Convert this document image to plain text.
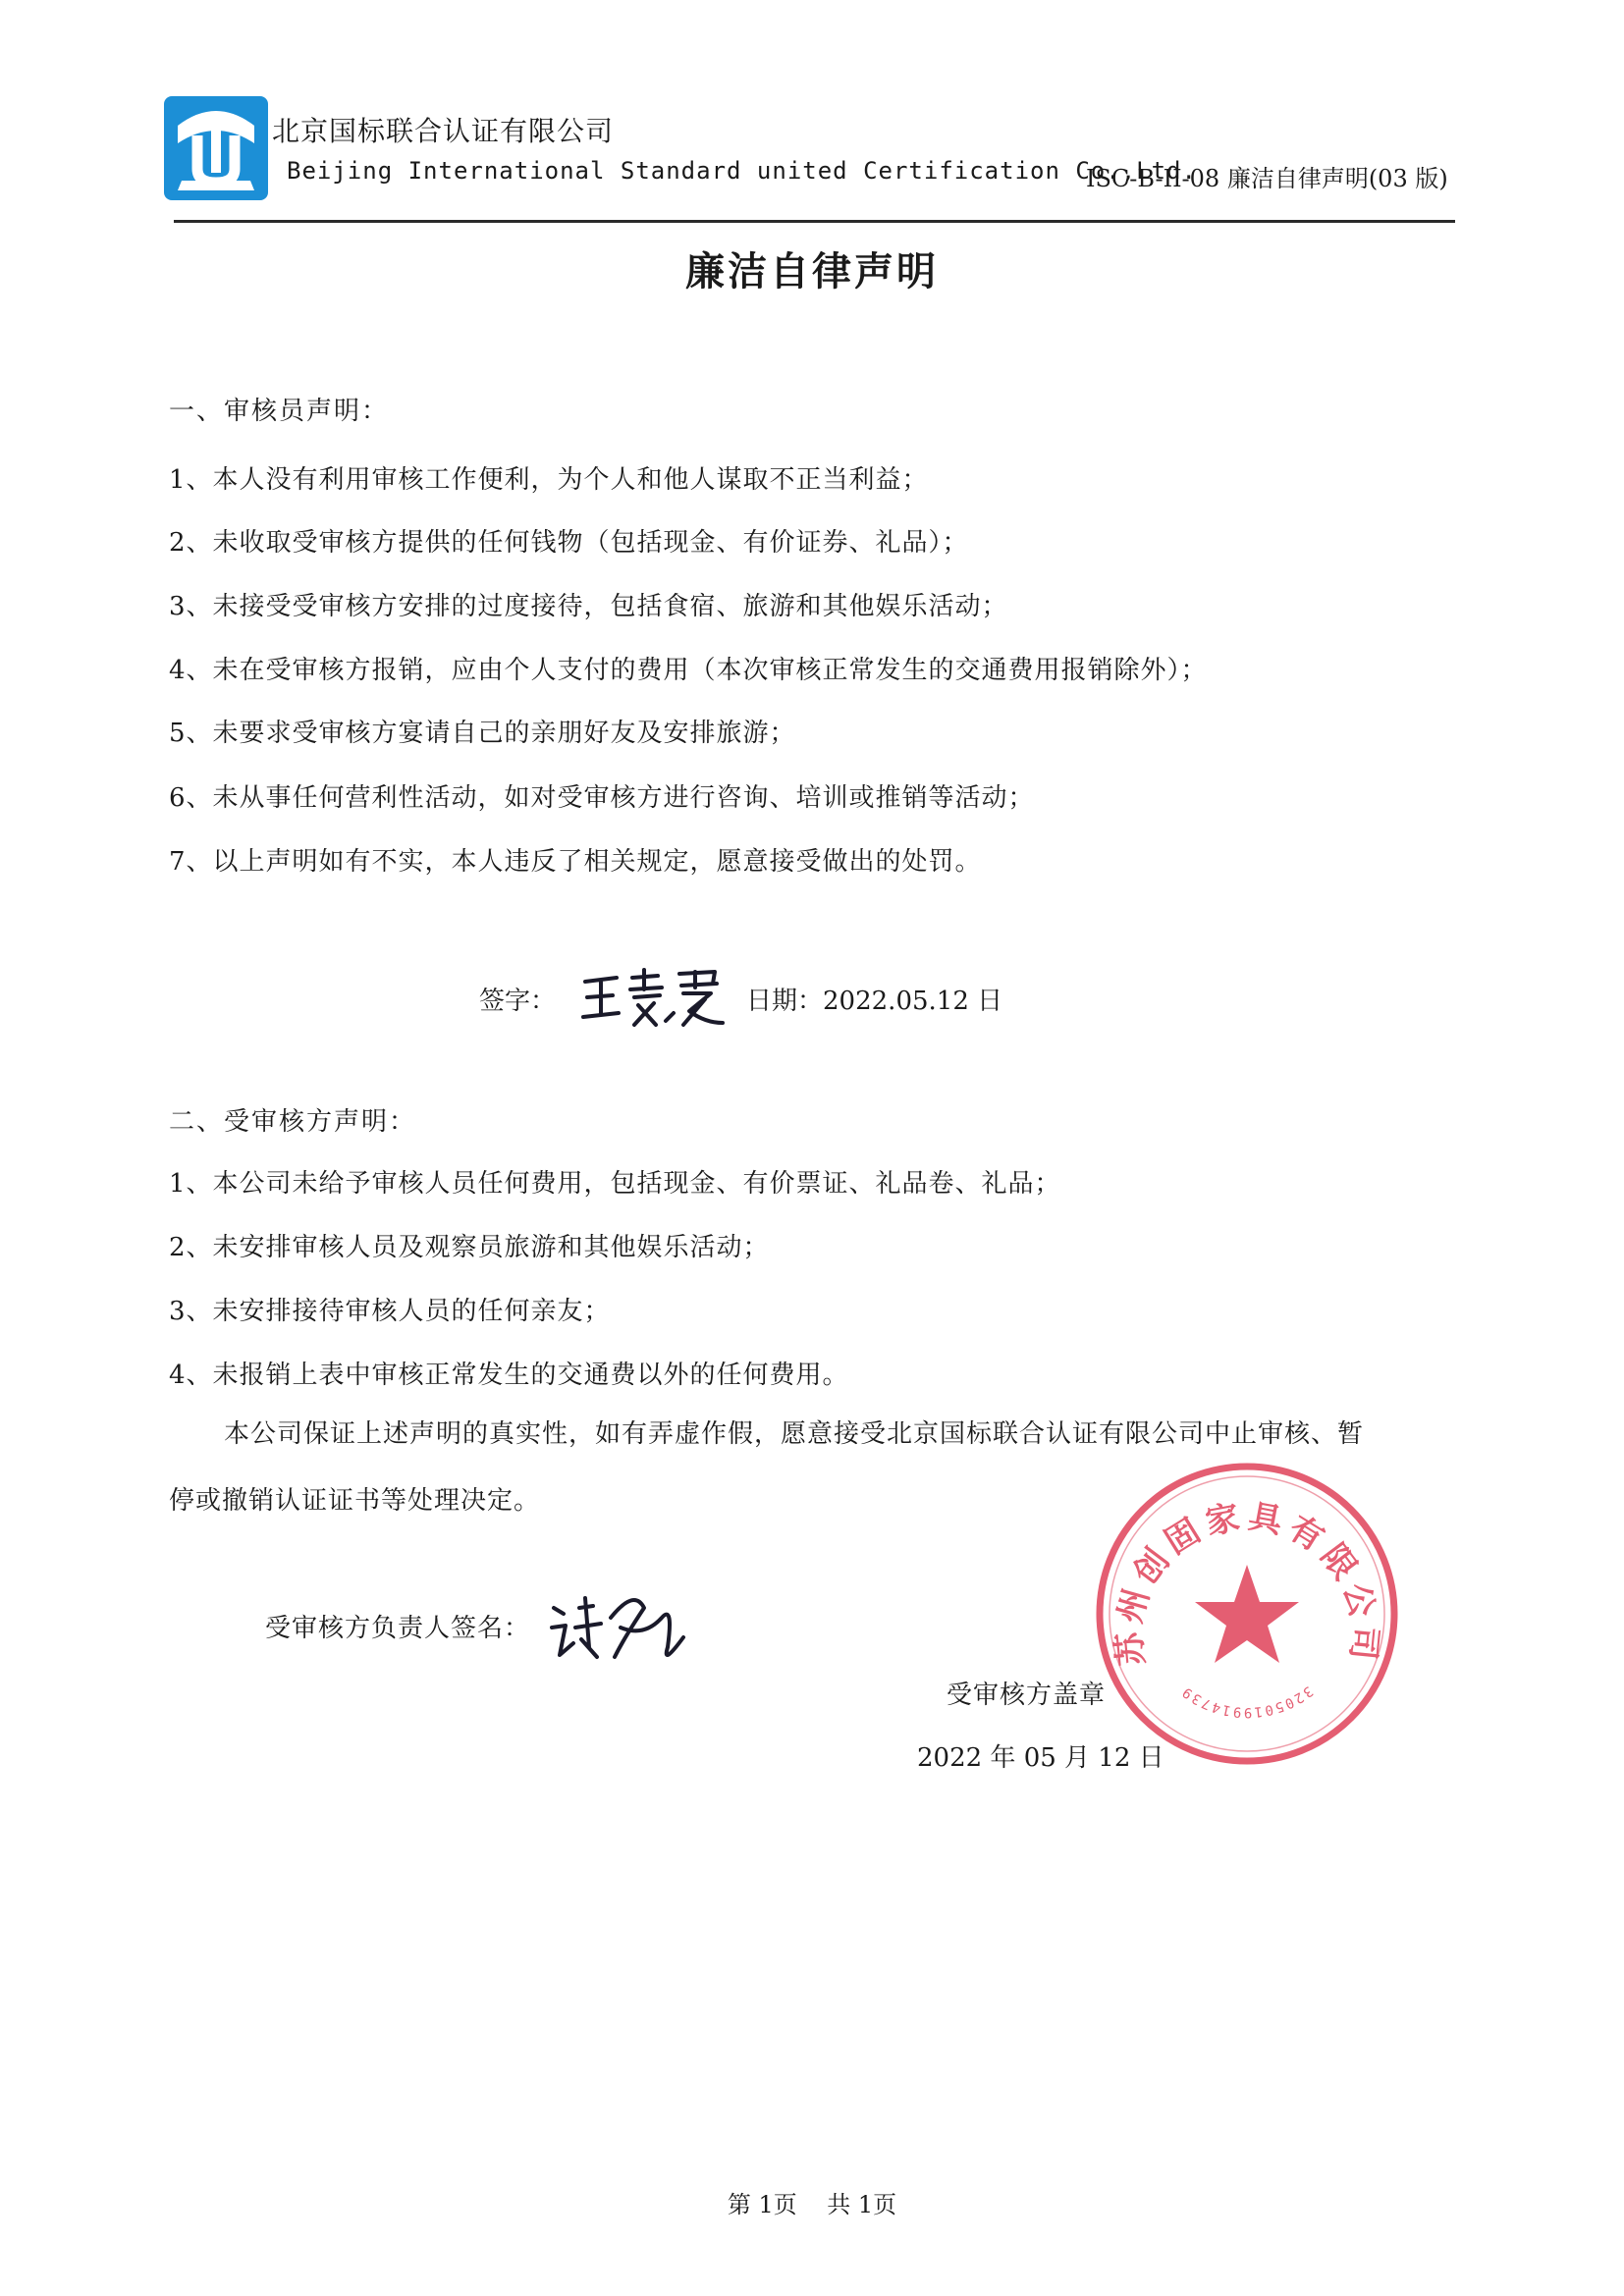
北京国标联合认证有限公司
Beijing International Standard united Certification Co.,Ltd.
ISC-B-II-08 廉洁自律声明(03 版)
廉洁自律声明
一、审核员声明：
1、本人没有利用审核工作便利，为个人和他人谋取不正当利益；
2、未收取受审核方提供的任何钱物（包括现金、有价证券、礼品）；
3、未接受受审核方安排的过度接待，包括食宿、旅游和其他娱乐活动；
4、未在受审核方报销，应由个人支付的费用（本次审核正常发生的交通费用报销除外）；
5、未要求受审核方宴请自己的亲朋好友及安排旅游；
6、未从事任何营利性活动，如对受审核方进行咨询、培训或推销等活动；
7、以上声明如有不实，本人违反了相关规定，愿意接受做出的处罚。
签字：	日期：2022.05.12 日
二、受审核方声明：
1、本公司未给予审核人员任何费用，包括现金、有价票证、礼品卷、礼品；
2、未安排审核人员及观察员旅游和其他娱乐活动；
3、未安排接待审核人员的任何亲友；
4、未报销上表中审核正常发生的交通费以外的任何费用。
本公司保证上述声明的真实性，如有弄虚作假，愿意接受北京国标联合认证有限公司中止审核、暂
停或撤销认证证书等处理决定。
受审核方负责人签名：
受审核方盖章
2022 年 05 月 12 日
苏州创固家具有限公司
3205019914739
第 1页    共 1页
